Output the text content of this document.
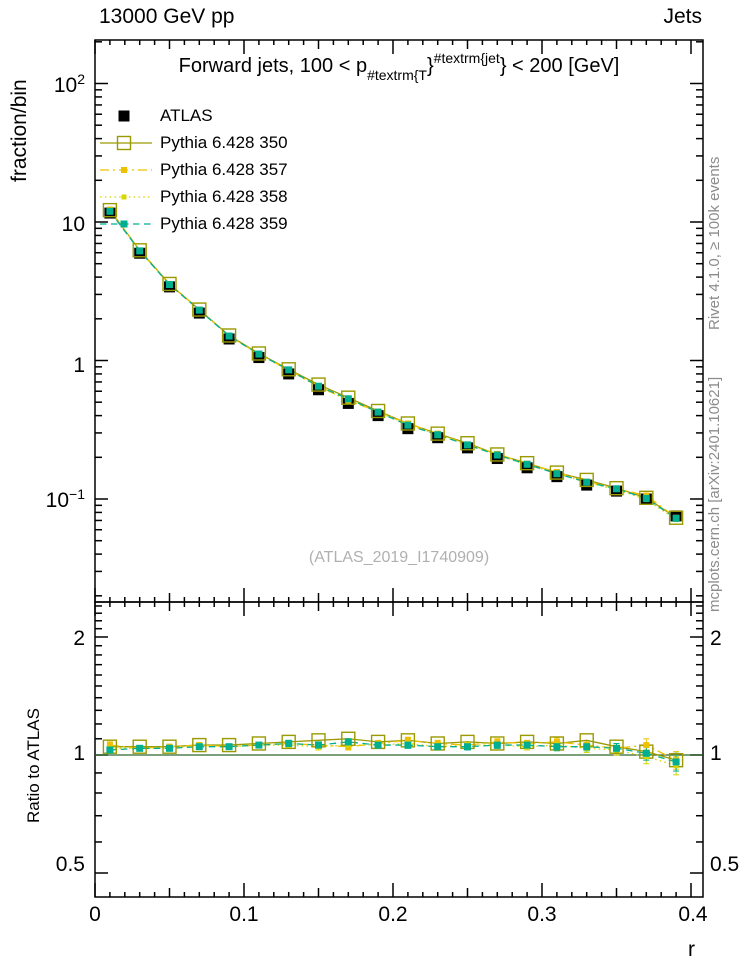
13000 GeV pp	Jets
Forward jets, $100 < p_{\#textrm\{T}\}^{\#textrm\{jet}\} < 200$ [GeV]
fraction/bin
Ratio to ATLAS
$10^2$
10
1
$10^{-1}$
2
1
0.5
2
1
0.5
0	0.1	0.2	0.3	0.4
r
Rivet 4.1.0, ≥ 100k events
mcplots.cern.ch [arXiv:2401.10621]
(ATLAS_2019_I1740909)
ATLAS
Pythia 6.428 350
Pythia 6.428 357
Pythia 6.428 358
Pythia 6.428 359
